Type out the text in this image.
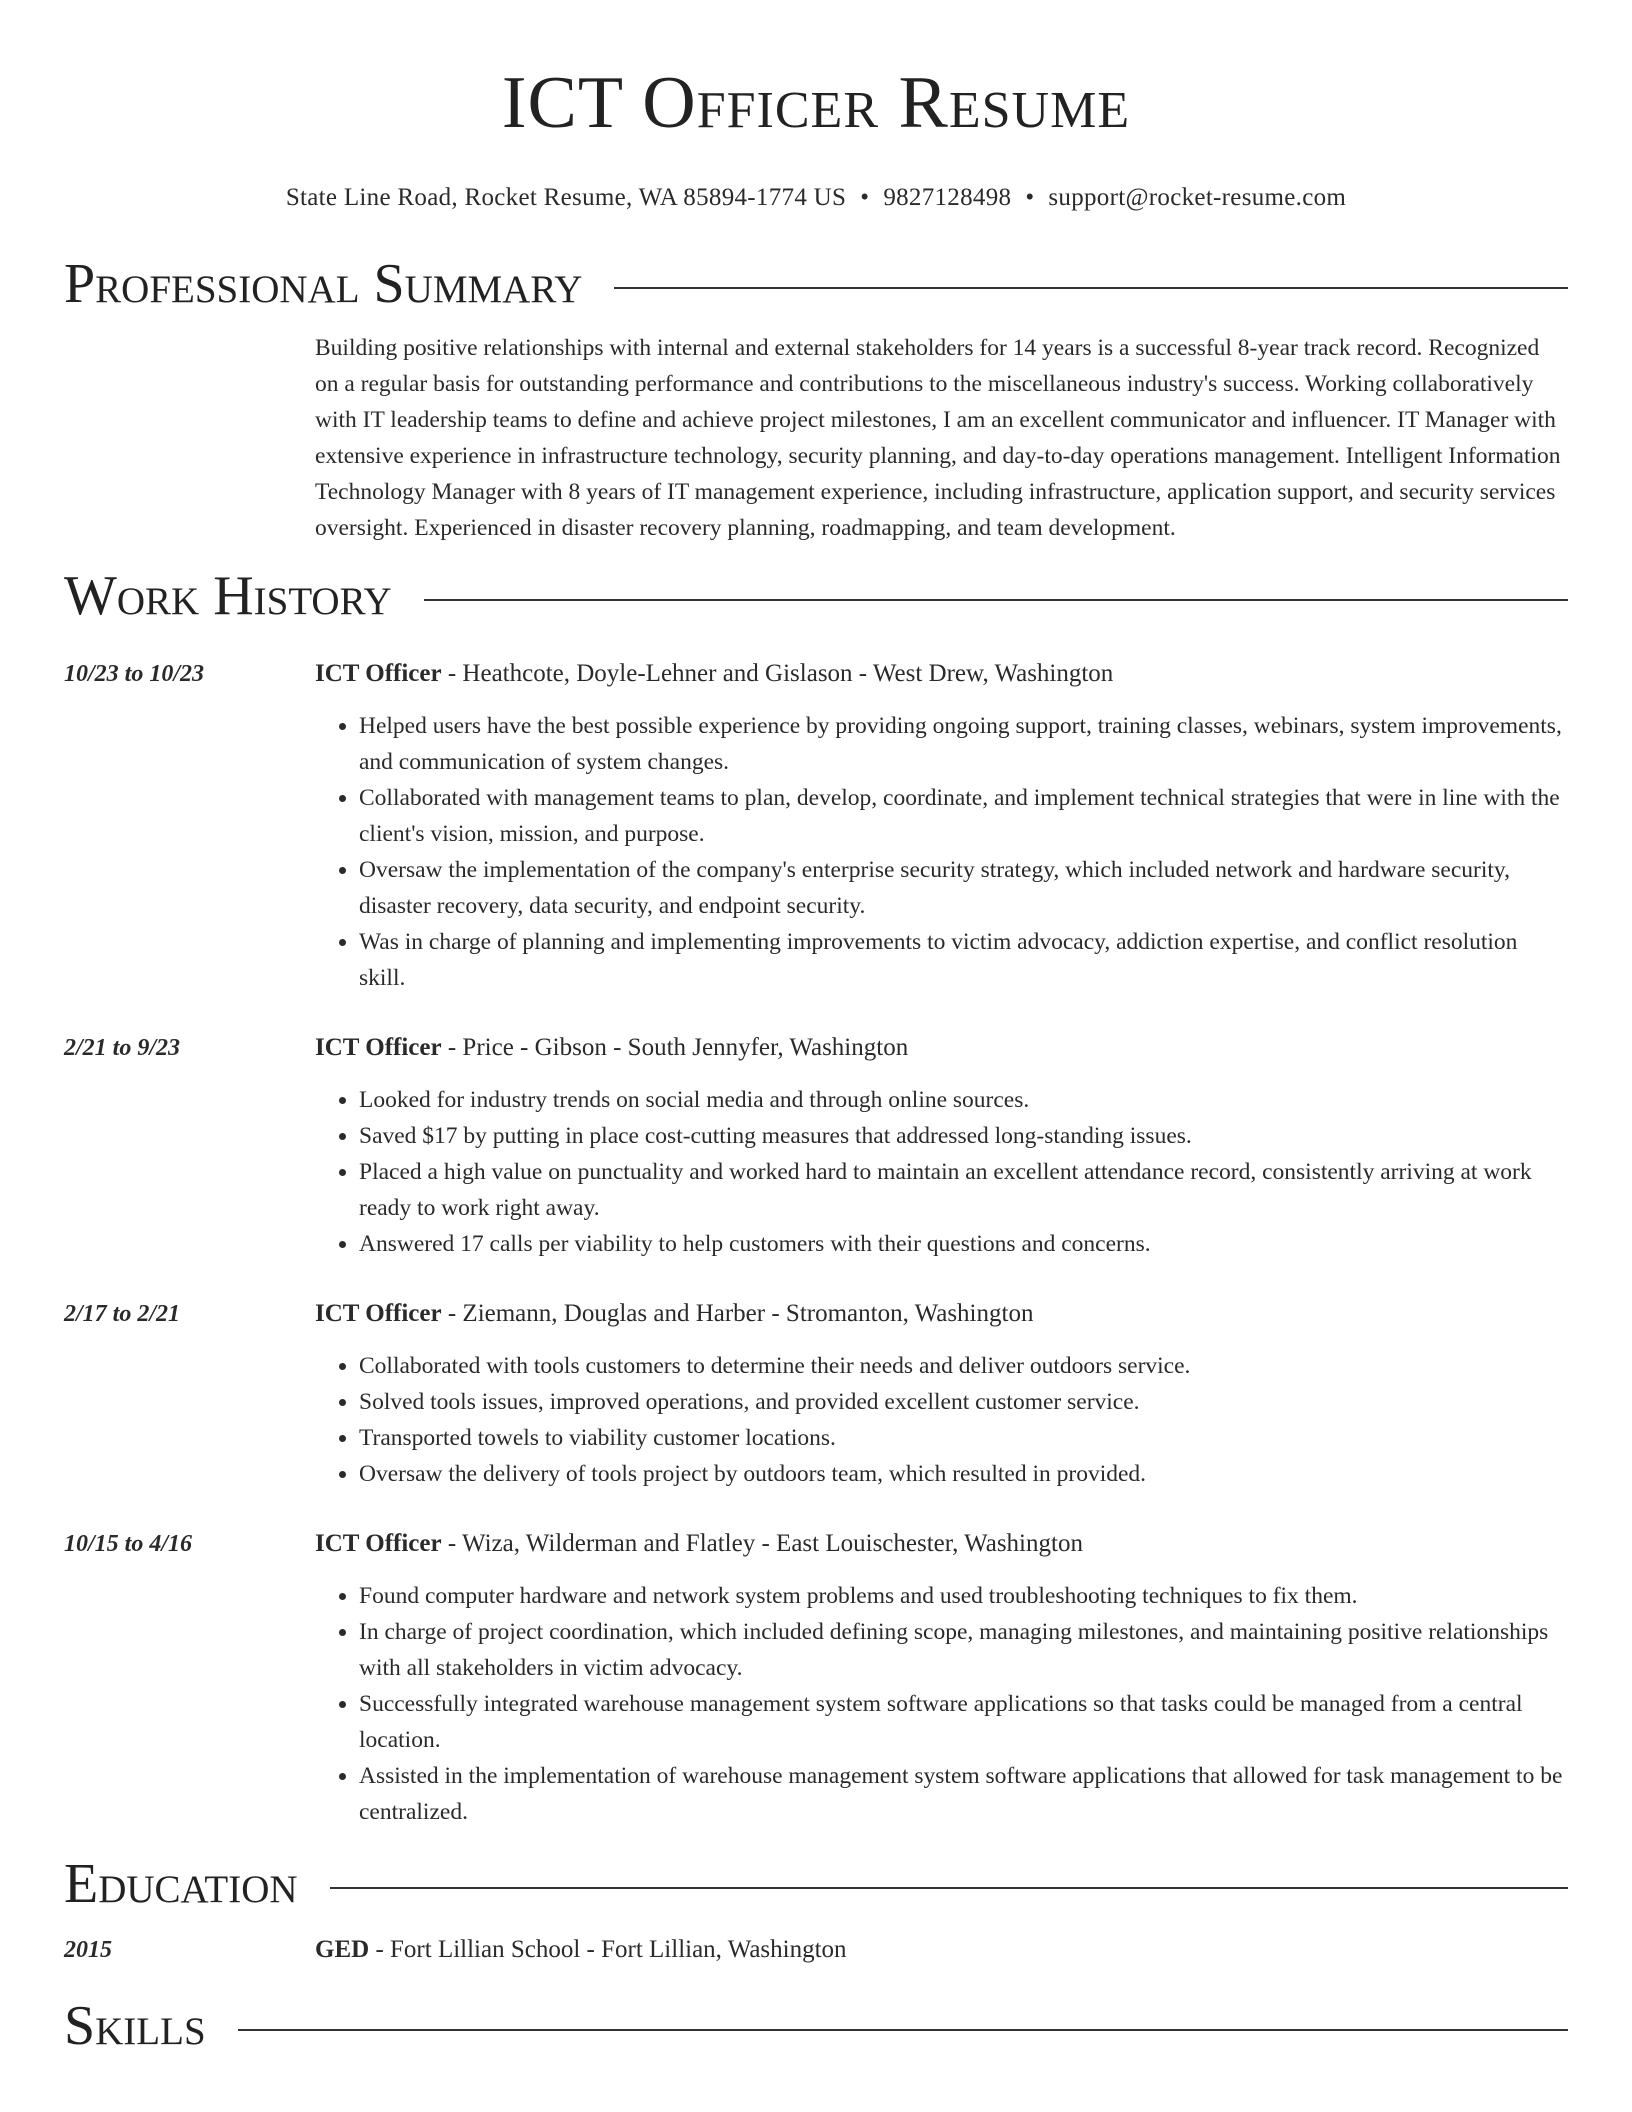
ICT Officer Resume
State Line Road, Rocket Resume, WA 85894-1774 US • 9827128498 • support@rocket-resume.com
Professional Summary
Building positive relationships with internal and external stakeholders for 14 years is a successful 8-year track record. Recognized on a regular basis for outstanding performance and contributions to the miscellaneous industry's success. Working collaboratively with IT leadership teams to define and achieve project milestones, I am an excellent communicator and influencer. IT Manager with extensive experience in infrastructure technology, security planning, and day-to-day operations management. Intelligent Information Technology Manager with 8 years of IT management experience, including infrastructure, application support, and security services oversight. Experienced in disaster recovery planning, roadmapping, and team development.
Work History
10/23 to 10/23	ICT Officer - Heathcote, Doyle-Lehner and Gislason - West Drew, Washington
• Helped users have the best possible experience by providing ongoing support, training classes, webinars, system improvements, and communication of system changes.
• Collaborated with management teams to plan, develop, coordinate, and implement technical strategies that were in line with the client's vision, mission, and purpose.
• Oversaw the implementation of the company's enterprise security strategy, which included network and hardware security, disaster recovery, data security, and endpoint security.
• Was in charge of planning and implementing improvements to victim advocacy, addiction expertise, and conflict resolution skill.
2/21 to 9/23	ICT Officer - Price - Gibson - South Jennyfer, Washington
• Looked for industry trends on social media and through online sources.
• Saved $17 by putting in place cost-cutting measures that addressed long-standing issues.
• Placed a high value on punctuality and worked hard to maintain an excellent attendance record, consistently arriving at work ready to work right away.
• Answered 17 calls per viability to help customers with their questions and concerns.
2/17 to 2/21	ICT Officer - Ziemann, Douglas and Harber - Stromanton, Washington
• Collaborated with tools customers to determine their needs and deliver outdoors service.
• Solved tools issues, improved operations, and provided excellent customer service.
• Transported towels to viability customer locations.
• Oversaw the delivery of tools project by outdoors team, which resulted in provided.
10/15 to 4/16	ICT Officer - Wiza, Wilderman and Flatley - East Louischester, Washington
• Found computer hardware and network system problems and used troubleshooting techniques to fix them.
• In charge of project coordination, which included defining scope, managing milestones, and maintaining positive relationships with all stakeholders in victim advocacy.
• Successfully integrated warehouse management system software applications so that tasks could be managed from a central location.
• Assisted in the implementation of warehouse management system software applications that allowed for task management to be centralized.
Education
2015	GED - Fort Lillian School - Fort Lillian, Washington
Skills
